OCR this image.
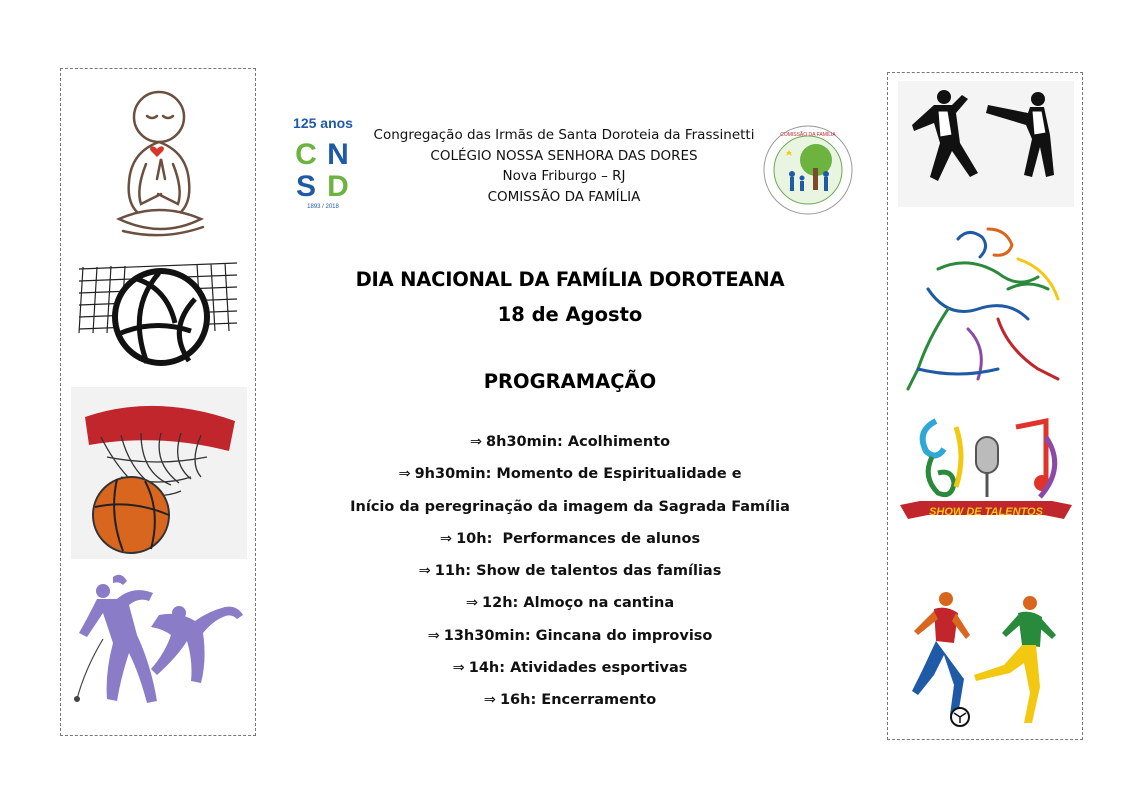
125 anos
C N
S D
1893 / 2018
Congregação das Irmãs de Santa Doroteia da Frassinetti
COLÉGIO NOSSA SENHORA DAS DORES
Nova Friburgo – RJ
COMISSÃO DA FAMÍLIA
COMISSÃO DA FAMÍLIA
DIA NACIONAL DA FAMÍLIA DOROTEANA
18 de Agosto
PROGRAMAÇÃO
⇒ 8h30min: Acolhimento
⇒ 9h30min: Momento de Espiritualidade e
Início da peregrinação da imagem da Sagrada Família
⇒ 10h:  Performances de alunos
⇒ 11h: Show de talentos das famílias
⇒ 12h: Almoço na cantina
⇒ 13h30min: Gincana do improviso
⇒ 14h: Atividades esportivas
⇒ 16h: Encerramento
SHOW DE TALENTOS
